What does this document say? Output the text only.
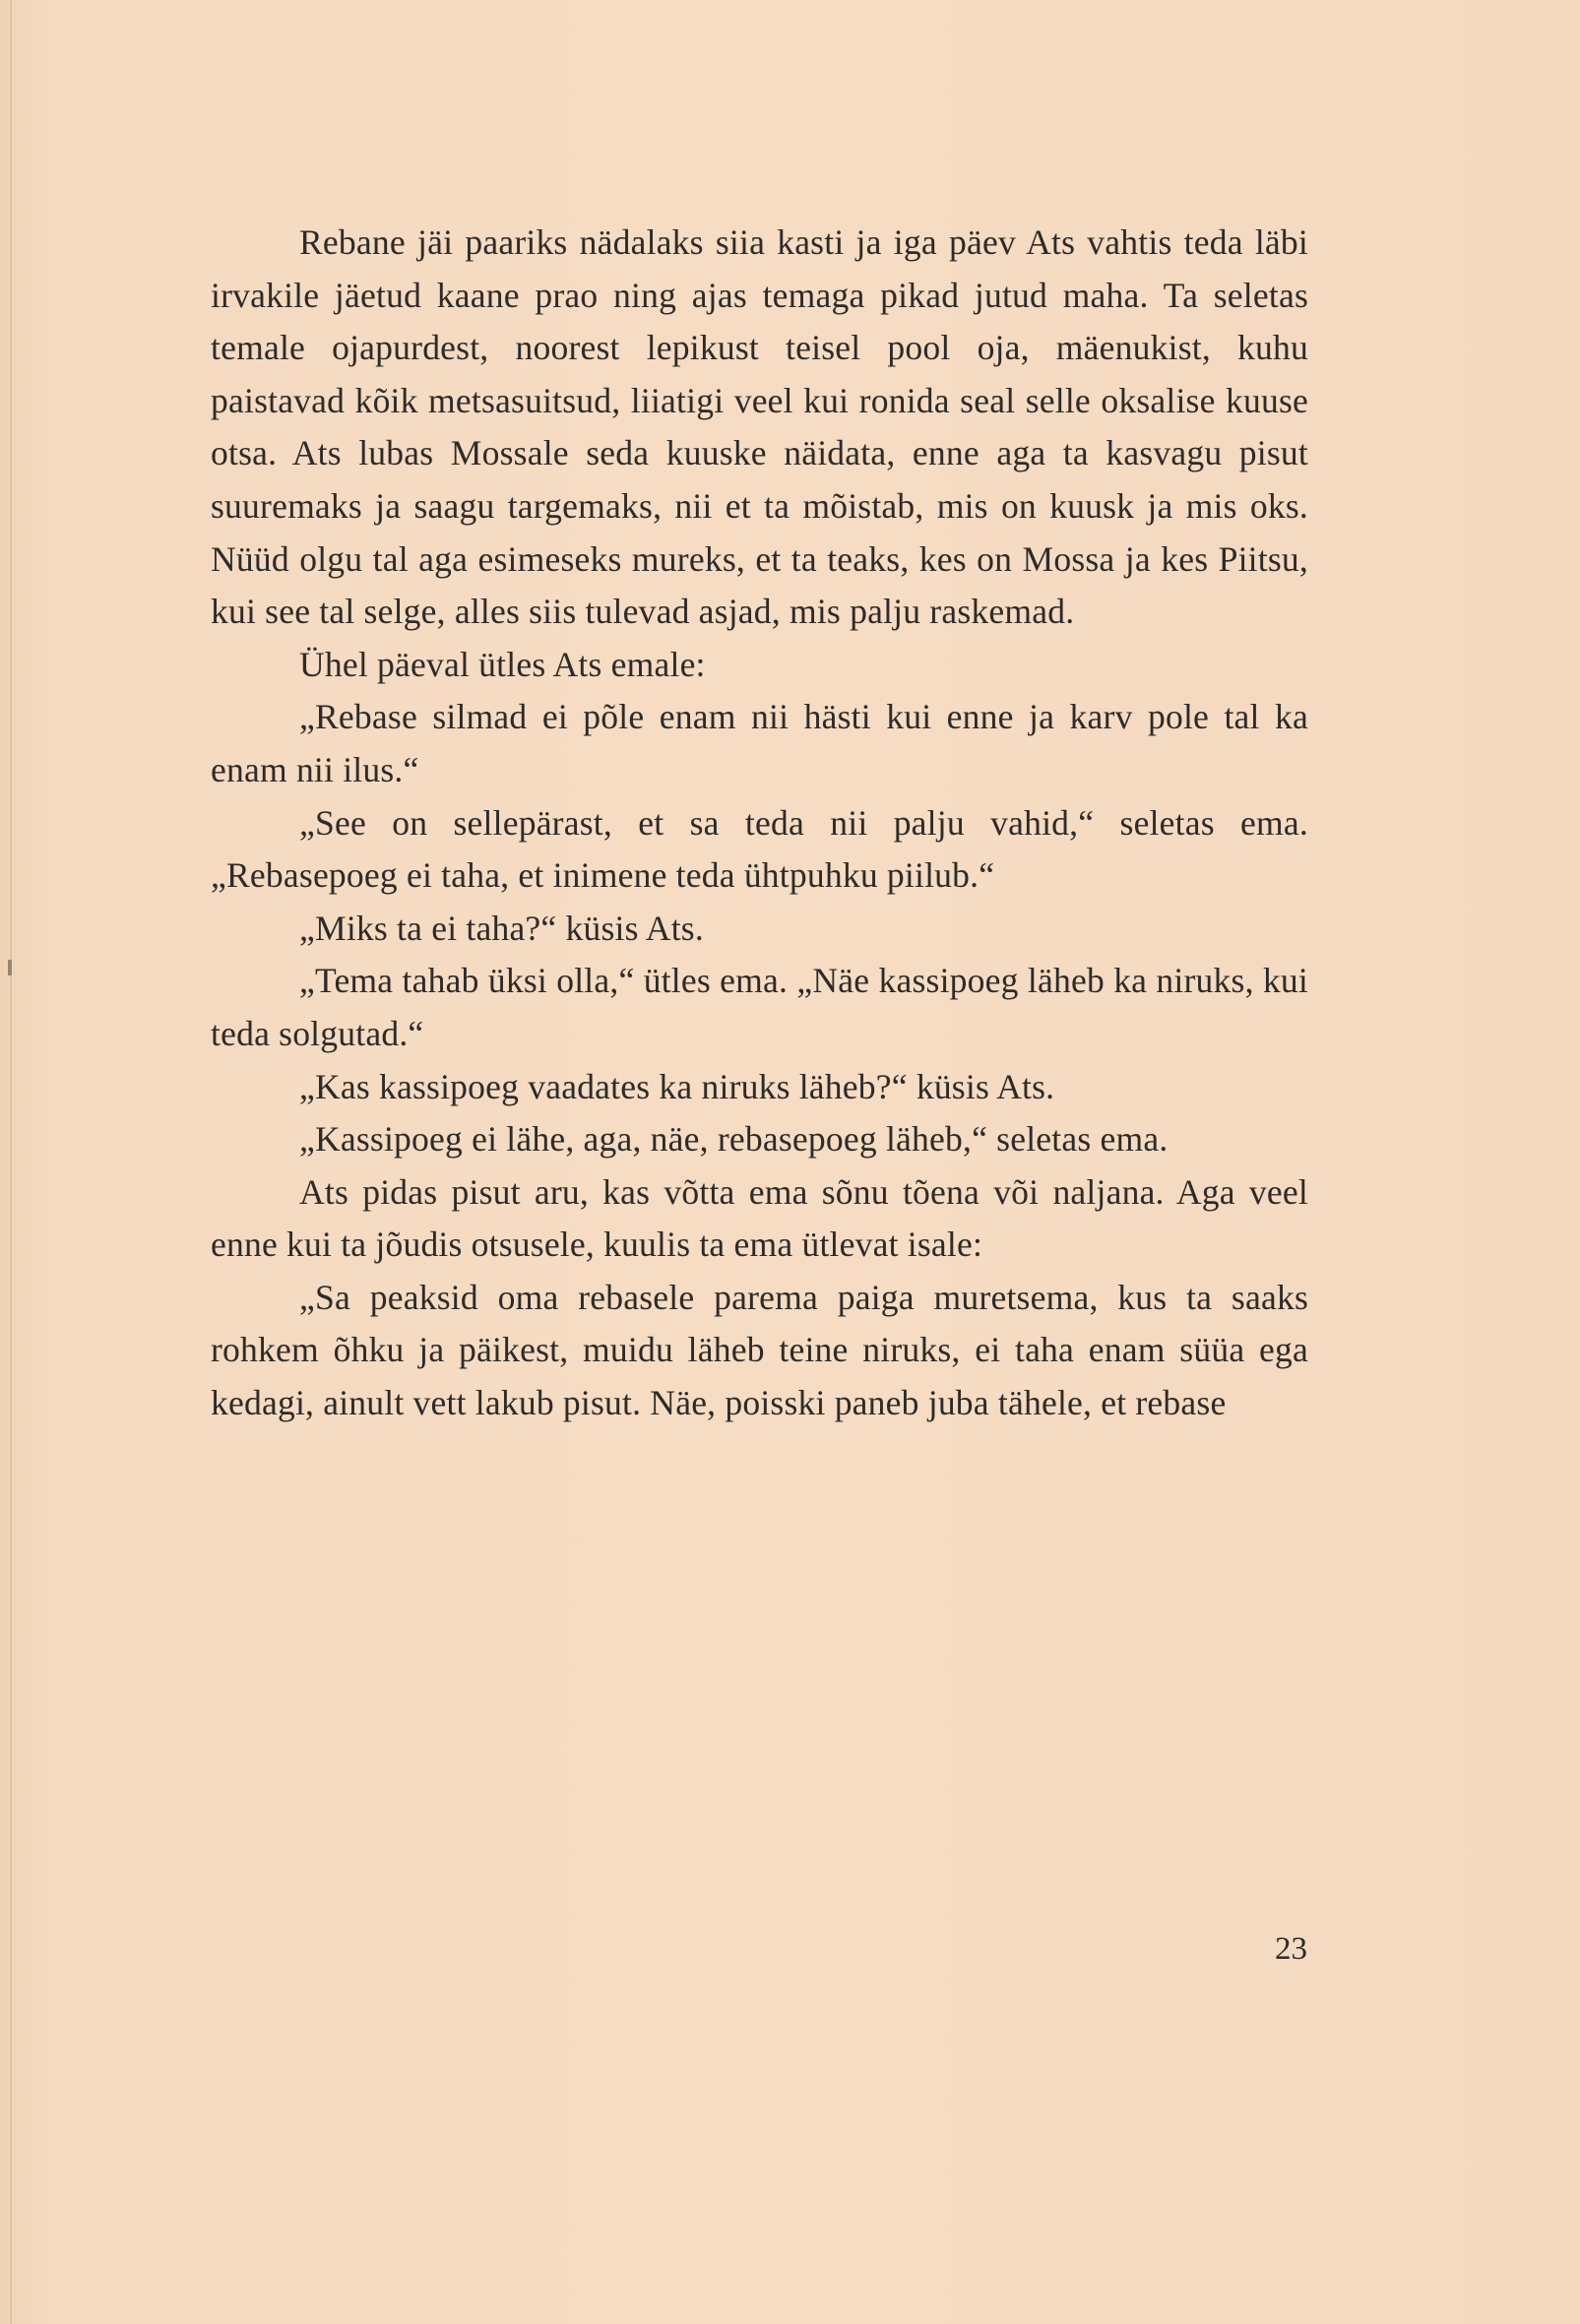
Rebane jäi paariks nädalaks siia kasti ja iga päev Ats vahtis teda läbi irvakile jäetud kaane prao ning ajas temaga pikad jutud maha. Ta seletas temale ojapurdest, noorest lepikust teisel pool oja, mäenukist, kuhu paistavad kõik metsasuitsud, liiatigi veel kui ronida seal selle oksalise kuuse otsa. Ats lubas Mossale seda kuuske näidata, enne aga ta kasvagu pisut suuremaks ja saagu targemaks, nii et ta mõistab, mis on kuusk ja mis oks. Nüüd olgu tal aga esimeseks mureks, et ta teaks, kes on Mossa ja kes Piitsu, kui see tal selge, alles siis tulevad asjad, mis palju raskemad.

Ühel päeval ütles Ats emale:

„Rebase silmad ei põle enam nii hästi kui enne ja karv pole tal ka enam nii ilus.“

„See on sellepärast, et sa teda nii palju vahid,“ seletas ema. „Rebasepoeg ei taha, et inimene teda ühtpuhku piilub.“

„Miks ta ei taha?“ küsis Ats.

„Tema tahab üksi olla,“ ütles ema. „Näe kassipoeg läheb ka niruks, kui teda solgutad.“

„Kas kassipoeg vaadates ka niruks läheb?“ küsis Ats.

„Kassipoeg ei lähe, aga, näe, rebasepoeg läheb,“ seletas ema.

Ats pidas pisut aru, kas võtta ema sõnu tõena või naljana. Aga veel enne kui ta jõudis otsusele, kuulis ta ema ütlevat isale:

„Sa peaksid oma rebasele parema paiga muretsema, kus ta saaks rohkem õhku ja päikest, muidu läheb teine niruks, ei taha enam süüa ega kedagi, ainult vett lakub pisut. Näe, poisski paneb juba tähele, et rebase

23
